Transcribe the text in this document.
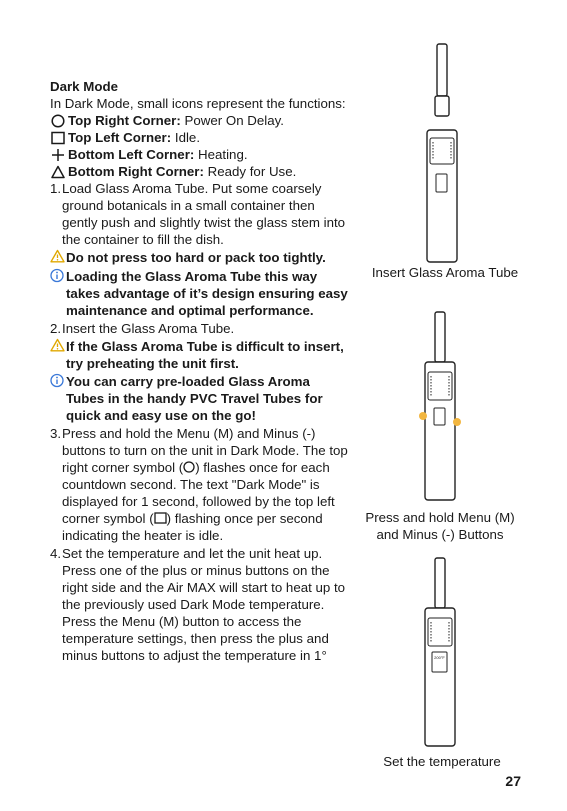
Dark Mode

In Dark Mode, small icons represent the functions:

Top Right Corner: Power On Delay.
Top Left Corner: Idle.
Bottom Left Corner: Heating.
Bottom Right Corner: Ready for Use.
1. Load Glass Aroma Tube. Put some coarsely ground botanicals in a small container then gently push and slightly twist the glass stem into the container to fill the dish.
Do not press too hard or pack too tightly.
Loading the Glass Aroma Tube this way takes advantage of it’s design ensuring easy maintenance and optimal performance.
2. Insert the Glass Aroma Tube.
If the Glass Aroma Tube is difficult to insert, try preheating the unit first.
You can carry pre-loaded Glass Aroma Tubes in the handy PVC Travel Tubes for quick and easy use on the go!
3. Press and hold the Menu (M) and Minus (-) buttons to turn on the unit in Dark Mode. The top right corner symbol ( ) flashes once for each countdown second. The text "Dark Mode" is displayed for 1 second, followed by the top left corner symbol ( ) flashing once per second indicating the heater is idle.
4. Set the temperature and let the unit heat up. Press one of the plus or minus buttons on the right side and the Air MAX will start to heat up to the previously used Dark Mode temperature. Press the Menu (M) button to access the temperature settings, then press the plus and minus buttons to adjust the temperature in 1°
Insert Glass Aroma Tube
Press and hold Menu (M) and Minus (-) Buttons
200°F
Set the temperature
27
